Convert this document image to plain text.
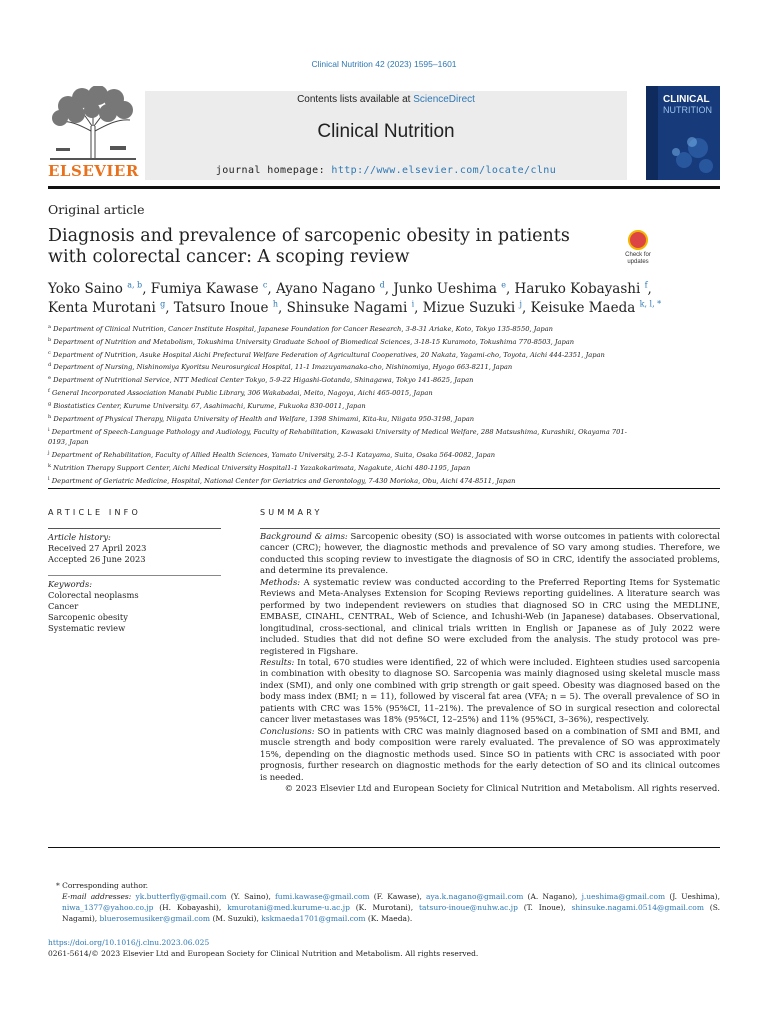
Clinical Nutrition 42 (2023) 1595–1601
ELSEVIER
Contents lists available at ScienceDirect
Clinical Nutrition
journal homepage: http://www.elsevier.com/locate/clnu
CLINICAL
NUTRITION
Original article
Diagnosis and prevalence of sarcopenic obesity in patients with colorectal cancer: A scoping review	Check for updates
Yoko Saino $^{a, b}$, Fumiya Kawase $^c$, Ayano Nagano $^d$, Junko Ueshima $^e$, Haruko Kobayashi $^f$,
Kenta Murotani $^g$, Tatsuro Inoue $^h$, Shinsuke Nagami $^i$, Mizue Suzuki $^j$, Keisuke Maeda $^{k, l, *}$
$^a$ Department of Clinical Nutrition, Cancer Institute Hospital, Japanese Foundation for Cancer Research, 3-8-31 Ariake, Koto, Tokyo 135-8550, Japan
$^b$ Department of Nutrition and Metabolism, Tokushima University Graduate School of Biomedical Sciences, 3-18-15 Kuramoto, Tokushima 770-8503, Japan
$^c$ Department of Nutrition, Asuke Hospital Aichi Prefectural Welfare Federation of Agricultural Cooperatives, 20 Nakata, Yagami-cho, Toyota, Aichi 444-2351, Japan
$^d$ Department of Nursing, Nishinomiya Kyoritsu Neurosurgical Hospital, 11-1 Imazuyamanaka-cho, Nishinomiya, Hyogo 663-8211, Japan
$^e$ Department of Nutritional Service, NTT Medical Center Tokyo, 5-9-22 Higashi-Gotanda, Shinagawa, Tokyo 141-8625, Japan
$^f$ General Incorporated Association Manabi Public Library, 306 Wakabadai, Meito, Nagoya, Aichi 465-0015, Japan
$^g$ Biostatistics Center, Kurume University. 67, Asahimachi, Kurume, Fukuoka 830-0011, Japan
$^h$ Department of Physical Therapy, Niigata University of Health and Welfare, 1398 Shimami, Kita-ku, Niigata 950-3198, Japan
$^i$ Department of Speech-Language Pathology and Audiology, Faculty of Rehabilitation, Kawasaki University of Medical Welfare, 288 Matsushima, Kurashiki, Okayama 701-0193, Japan
$^j$ Department of Rehabilitation, Faculty of Allied Health Sciences, Yamato University, 2-5-1 Katayama, Suita, Osaka 564-0082, Japan
$^k$ Nutrition Therapy Support Center, Aichi Medical University Hospital1-1 Yazakokarimata, Nagakute, Aichi 480-1195, Japan
$^l$ Department of Geriatric Medicine, Hospital, National Center for Geriatrics and Gerontology, 7-430 Morioka, Obu, Aichi 474-8511, Japan
ARTICLE INFO	SUMMARY
Article history:
Received 27 April 2023
Accepted 26 June 2023
Keywords:
Colorectal neoplasms
Cancer
Sarcopenic obesity
Systematic review

Background & aims: Sarcopenic obesity (SO) is associated with worse outcomes in patients with colorectal cancer (CRC); however, the diagnostic methods and prevalence of SO vary among studies. Therefore, we conducted this scoping review to investigate the diagnosis of SO in CRC, identify the associated problems, and determine its prevalence.

Methods: A systematic review was conducted according to the Preferred Reporting Items for Systematic Reviews and Meta-Analyses Extension for Scoping Reviews reporting guidelines. A literature search was performed by two independent reviewers on studies that diagnosed SO in CRC using the MEDLINE, EMBASE, CINAHL, CENTRAL, Web of Science, and Ichushi-Web (in Japanese) databases. Observational, longitudinal, cross-sectional, and clinical trials written in English or Japanese as of July 2022 were included. Studies that did not define SO were excluded from the analysis. The study protocol was pre-registered in Figshare.

Results: In total, 670 studies were identified, 22 of which were included. Eighteen studies used sarcopenia in combination with obesity to diagnose SO. Sarcopenia was mainly diagnosed using skeletal muscle mass index (SMI), and only one combined with grip strength or gait speed. Obesity was diagnosed based on the body mass index (BMI; n = 11), followed by visceral fat area (VFA; n = 5). The overall prevalence of SO in patients with CRC was 15% (95%CI, 11–21%). The prevalence of SO in surgical resection and colorectal cancer liver metastases was 18% (95%CI, 12–25%) and 11% (95%CI, 3–36%), respectively.

Conclusions: SO in patients with CRC was mainly diagnosed based on a combination of SMI and BMI, and muscle strength and body composition were rarely evaluated. The prevalence of SO was approximately 15%, depending on the diagnostic methods used. Since SO in patients with CRC is associated with poor prognosis, further research on diagnostic methods for the early detection of SO and its clinical outcomes is needed.

© 2023 Elsevier Ltd and European Society for Clinical Nutrition and Metabolism. All rights reserved.

* Corresponding author.

E-mail addresses: yk.butterfly@gmail.com (Y. Saino), fumi.kawase@gmail.com (F. Kawase), aya.k.nagano@gmail.com (A. Nagano), j.ueshima@gmail.com (J. Ueshima), niwa_1377@yahoo.co.jp (H. Kobayashi), kmurotani@med.kurume-u.ac.jp (K. Murotani), tatsuro-inoue@nuhw.ac.jp (T. Inoue), shinsuke.nagami.0514@gmail.com (S. Nagami), bluerosemusiker@gmail.com (M. Suzuki), kskmaeda1701@gmail.com (K. Maeda).

https://doi.org/10.1016/j.clnu.2023.06.025
0261-5614/© 2023 Elsevier Ltd and European Society for Clinical Nutrition and Metabolism. All rights reserved.
